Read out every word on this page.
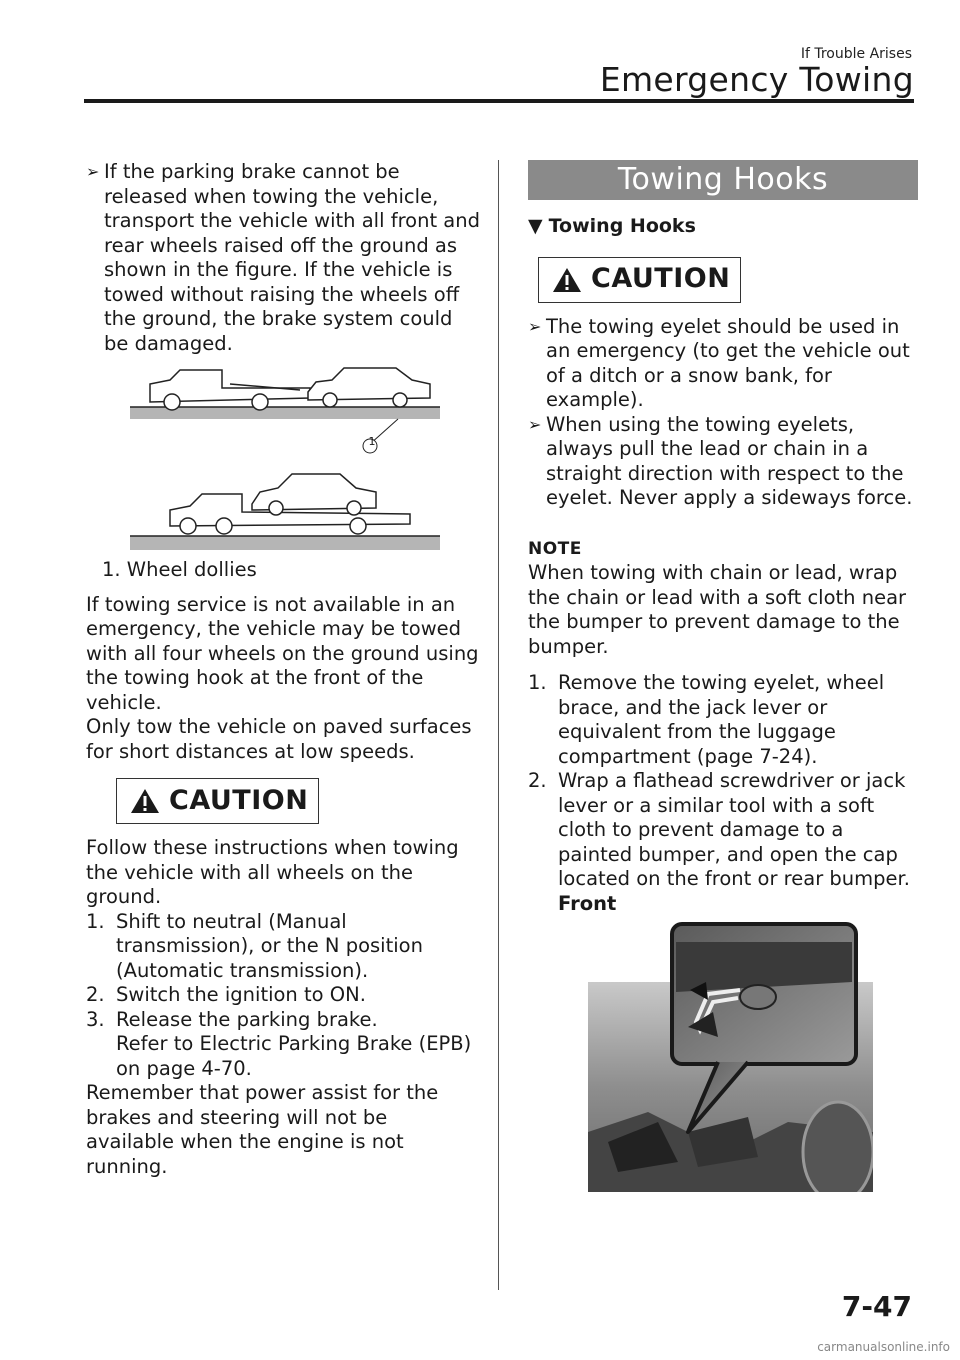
If Trouble Arises
Emergency Towing
➢ If the parking brake cannot be released when towing the vehicle, transport the vehicle with all front and rear wheels raised off the ground as shown in the figure. If the vehicle is towed without raising the wheels off the ground, the brake system could be damaged.

1

1. Wheel dollies

If towing service is not available in an emergency, the vehicle may be towed with all four wheels on the ground using the towing hook at the front of the vehicle.

Only tow the vehicle on paved surfaces for short distances at low speeds.

CAUTION

Follow these instructions when towing the vehicle with all wheels on the ground.

1. Shift to neutral (Manual transmission), or the N position (Automatic transmission).
2. Switch the ignition to ON.
3. Release the parking brake.

Refer to Electric Parking Brake (EPB) on page 4-70.

Remember that power assist for the brakes and steering will not be available when the engine is not running.

Towing Hooks
▼ Towing Hooks
CAUTION
➢ The towing eyelet should be used in an emergency (to get the vehicle out of a ditch or a snow bank, for example).

➢ When using the towing eyelets, always pull the lead or chain in a straight direction with respect to the eyelet. Never apply a sideways force.

NOTE

When towing with chain or lead, wrap the chain or lead with a soft cloth near the bumper to prevent damage to the bumper.

1. Remove the towing eyelet, wheel brace, and the jack lever or equivalent from the luggage compartment (page 7-24).
2. Wrap a flathead screwdriver or jack lever or a similar tool with a soft cloth to prevent damage to a painted bumper, and open the cap located on the front or rear bumper.

Front

7-47
carmanualsonline.info
